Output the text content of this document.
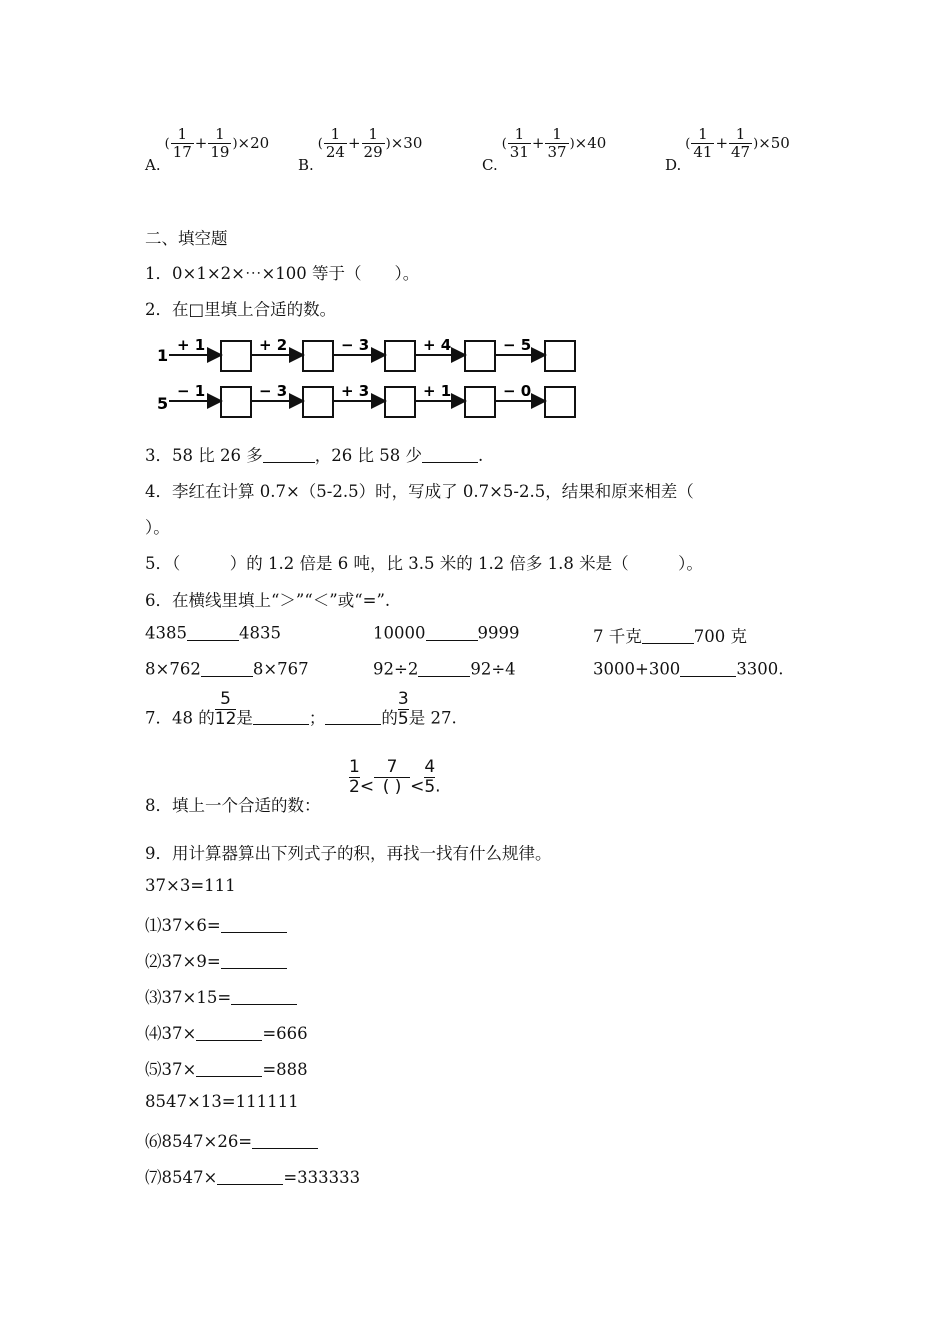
$A.( \frac{1}{17} + \frac{1}{19} )\times 20$
$B.( \frac{1}{24} + \frac{1}{29} )\times 30$
$C.( \frac{1}{31} + \frac{1}{37} )\times 40$
$D.( \frac{1}{41} + \frac{1}{47} )\times 50$
二、填空题
1．0×1×2×⋯×100 等于（　　）。
2．在□里填上合适的数。
1
+ 1	+ 2	− 3	+ 4	− 5
5
− 1	− 3	+ 3	+ 1	− 0
3．58 比 26 多	，26 比 58 少	.
4．李红在计算 0.7×（5-2.5）时，写成了 0.7×5-2.5，结果和原来相差（
）。
5．（　　　）的 1.2 倍是 6 吨，比 3.5 米的 1.2 倍多 1.8 米是（　　　）。
6．在横线里填上“＞”“＜”或“=”.
4385	4835	10000	9999	7 千克	700 克
8×762	8×767	92÷2	92÷4	3000+300	3300.
7．48 的 $\frac{5}{12}$是	；	的 $\frac{3}{5}$是 27.
8．填上一个合适的数：
$\frac{1}{2}<$
7
( ) < $\frac{4}{5}$.
9．用计算器算出下列式子的积，再找一找有什么规律。
37×3=111
⑴37×6=
⑵37×9=
⑶37×15=
⑷37×	=666
⑸37×	=888
8547×13=111111
⑹8547×26=
⑺8547×	=333333
